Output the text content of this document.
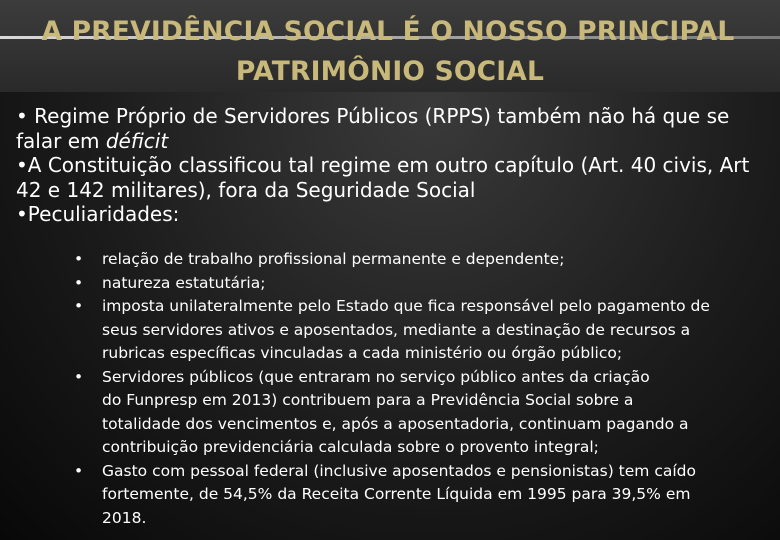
A PREVIDÊNCIA SOCIAL É O NOSSO PRINCIPAL
PATRIMÔNIO SOCIAL

• Regime Próprio de Servidores Públicos (RPPS) também não há que se

falar em déficit

•A Constituição classificou tal regime em outro capítulo (Art. 40 civis, Art

42 e 142 militares), fora da Seguridade Social

•Peculiaridades:

• relação de trabalho profissional permanente e dependente;
• natureza estatutária;
• imposta unilateralmente pelo Estado que fica responsável pelo pagamento de
seus servidores ativos e aposentados, mediante a destinação de recursos a
rubricas específicas vinculadas a cada ministério ou órgão público;
• Servidores públicos (que entraram no serviço público antes da criação
do Funpresp em 2013) contribuem para a Previdência Social sobre a
totalidade dos vencimentos e, após a aposentadoria, continuam pagando a
contribuição previdenciária calculada sobre o provento integral;
• Gasto com pessoal federal (inclusive aposentados e pensionistas) tem caído
fortemente, de 54,5% da Receita Corrente Líquida em 1995 para 39,5% em
2018.
